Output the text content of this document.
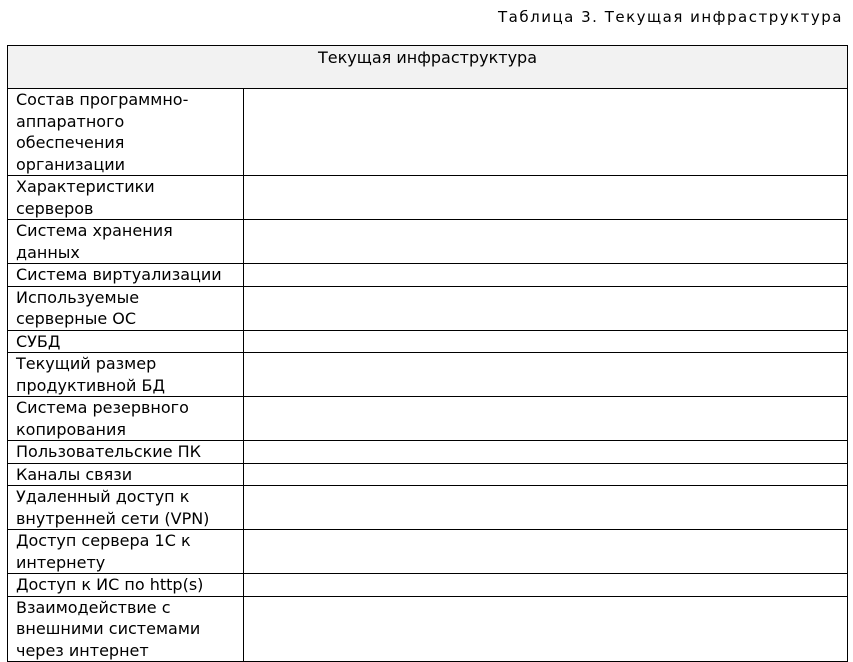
Таблица 3. Текущая инфраструктура
Текущая инфраструктура	
Состав программно-аппаратного обеспечения организации	
Характеристики серверов	
Система хранения данных	
Система виртуализации	
Используемые серверные ОС	
СУБД	
Текущий размер продуктивной БД	
Система резервного копирования	
Пользовательские ПК	
Каналы связи	
Удаленный доступ к внутренней сети (VPN)	
Доступ сервера 1С к интернету	
Доступ к ИС по http(s)	
Взаимодействие с внешними системами через интернет	
